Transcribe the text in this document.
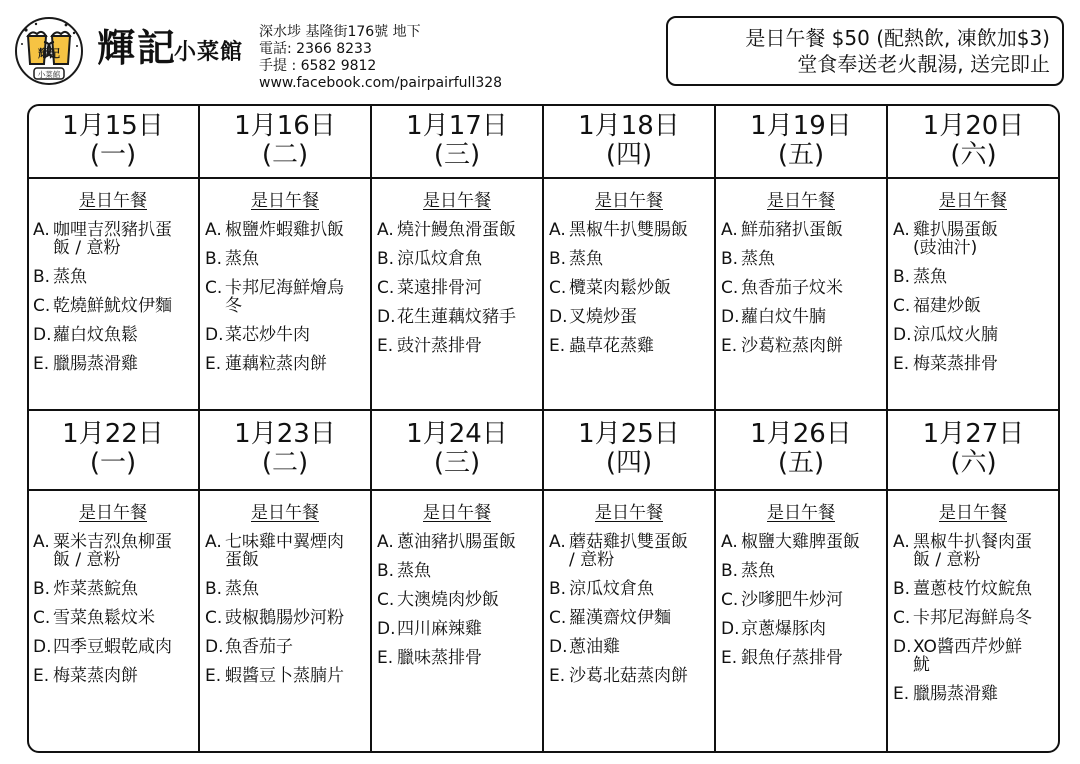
輝記
小菜館
輝記
小菜館
深水埗 基隆街176號 地下
電話: 2366 8233
手提 : 6582 9812
www.facebook.com/pairpairfull328
是日午餐 $50 (配熱飲, 凍飲加$3)
堂食奉送老火靚湯, 送完即止
1月15日
(一)
1月16日
(二)
1月17日
(三)
1月18日
(四)
1月19日
(五)
1月20日
(六)
是日午餐
A. 咖哩吉烈豬扒蛋飯 / 意粉
B. 蒸魚
C. 乾燒鮮魷炆伊麵
D. 蘿白炆魚鬆
E. 臘腸蒸滑雞
是日午餐
A. 椒鹽炸蝦雞扒飯
B. 蒸魚
C. 卡邦尼海鮮燴烏冬
D. 菜芯炒牛肉
E. 蓮藕粒蒸肉餅
是日午餐
A. 燒汁鰻魚滑蛋飯
B. 涼瓜炆倉魚
C. 菜遠排骨河
D. 花生蓮藕炆豬手
E. 豉汁蒸排骨
是日午餐
A. 黑椒牛扒雙腸飯
B. 蒸魚
C. 欖菜肉鬆炒飯
D. 叉燒炒蛋
E. 蟲草花蒸雞
是日午餐
A. 鮮茄豬扒蛋飯
B. 蒸魚
C. 魚香茄子炆米
D. 蘿白炆牛腩
E. 沙葛粒蒸肉餅
是日午餐
A. 雞扒腸蛋飯 (豉油汁)
B. 蒸魚
C. 福建炒飯
D. 涼瓜炆火腩
E. 梅菜蒸排骨
1月22日
(一)
1月23日
(二)
1月24日
(三)
1月25日
(四)
1月26日
(五)
1月27日
(六)
是日午餐
A. 粟米吉烈魚柳蛋飯 / 意粉
B. 炸菜蒸鯇魚
C. 雪菜魚鬆炆米
D. 四季豆蝦乾咸肉
E. 梅菜蒸肉餅
是日午餐
A. 七味雞中翼煙肉蛋飯
B. 蒸魚
C. 豉椒鵝腸炒河粉
D. 魚香茄子
E. 蝦醬豆卜蒸腩片
是日午餐
A. 蔥油豬扒腸蛋飯
B. 蒸魚
C. 大澳燒肉炒飯
D. 四川麻辣雞
E. 臘味蒸排骨
是日午餐
A. 蘑菇雞扒雙蛋飯 / 意粉
B. 涼瓜炆倉魚
C. 羅漢齋炆伊麵
D. 蔥油雞
E. 沙葛北菇蒸肉餅
是日午餐
A. 椒鹽大雞脾蛋飯
B. 蒸魚
C. 沙嗲肥牛炒河
D. 京蔥爆豚肉
E. 銀魚仔蒸排骨
是日午餐
A. 黑椒牛扒餐肉蛋飯 / 意粉
B. 薑蔥枝竹炆鯇魚
C. 卡邦尼海鮮烏冬
D. XO醬西芹炒鮮魷
E. 臘腸蒸滑雞
